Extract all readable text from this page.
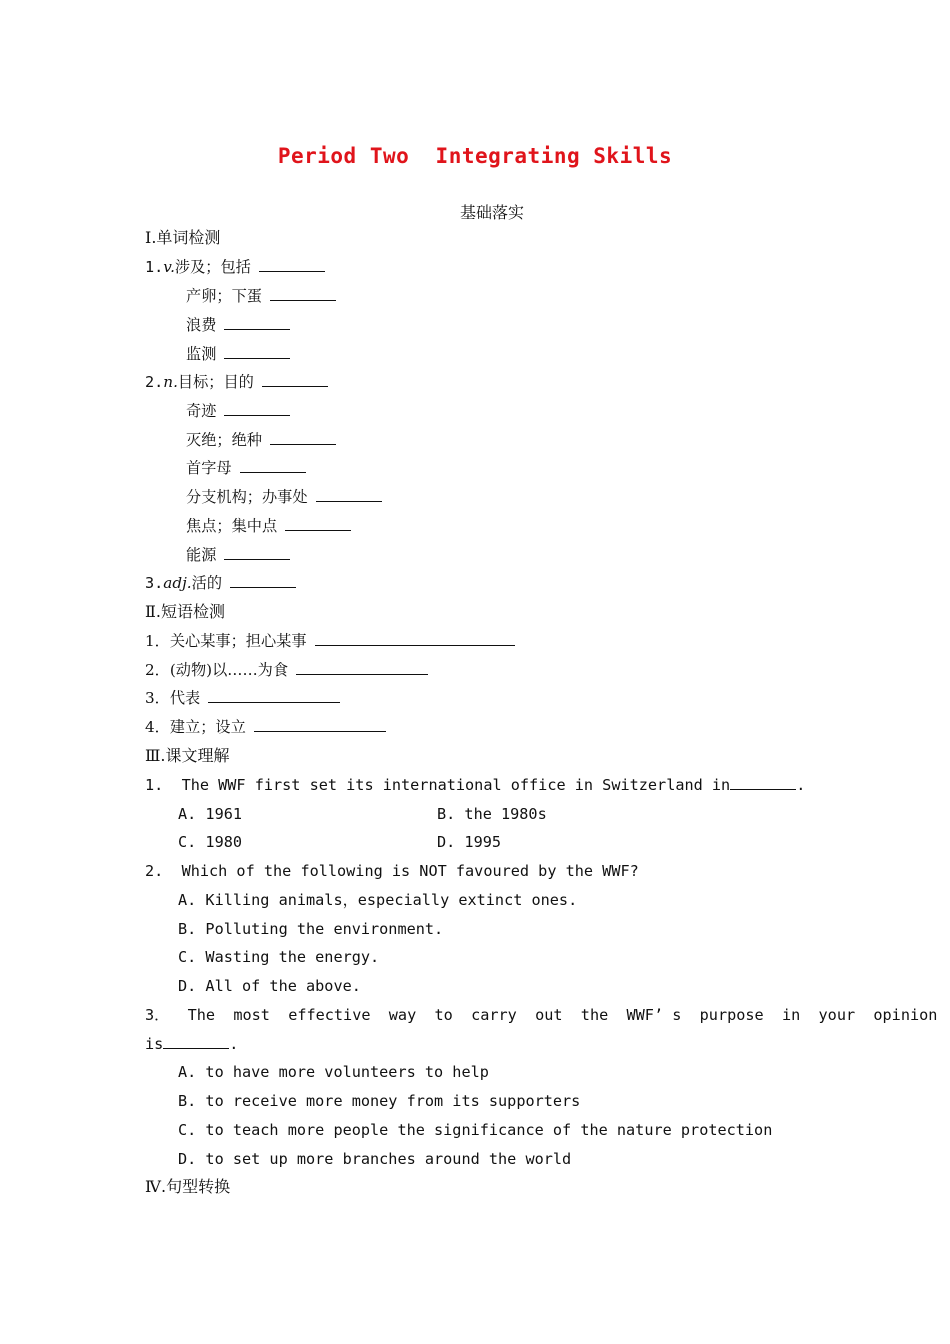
Period Two  Integrating Skills
基础落实
Ⅰ.单词检测
1.v.涉及；包括
产卵；下蛋
浪费
监测
2.n.目标；目的
奇迹
灭绝；绝种
首字母
分支机构；办事处
焦点；集中点
能源
3.adj.活的
Ⅱ.短语检测
1．关心某事；担心某事
2．(动物)以……为食
3．代表
4．建立；设立
Ⅲ.课文理解
1.  The WWF first set its international office in Switzerland in	.
A. 1961	B. the 1980s
C. 1980	D. 1995
2.  Which of the following is NOT favoured by the WWF?
A. Killing animals，especially extinct ones.
B. Polluting the environment.
C. Wasting the energy.
D. All of the above.
3．  The  most  effective  way  to  carry  out  the  WWF’ s  purpose  in  your  opinion
is	.
A. to have more volunteers to help
B. to receive more money from its supporters
C. to teach more people the significance of the nature protection
D. to set up more branches around the world
Ⅳ.句型转换
